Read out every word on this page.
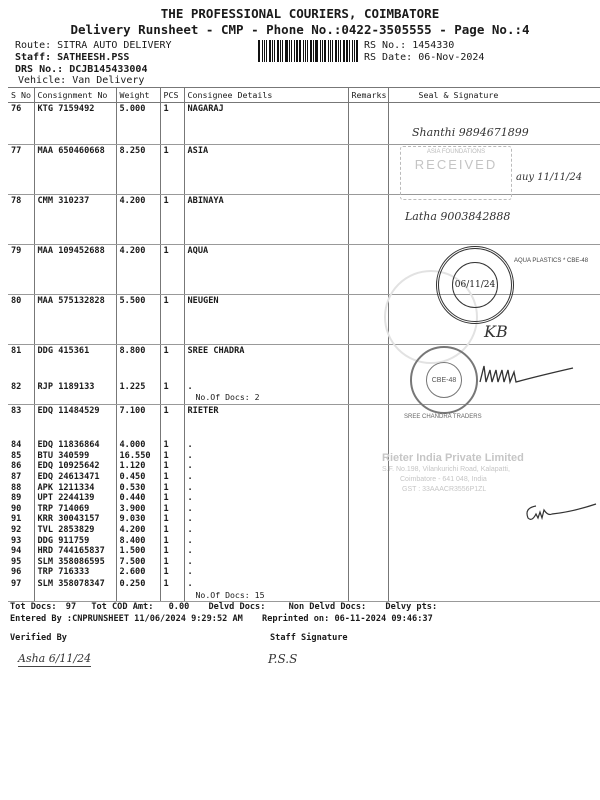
THE PROFESSIONAL COURIERS, COIMBATORE
Delivery Runsheet - CMP - Phone No.:0422-3505555 - Page No.:4
Route: SITRA AUTO DELIVERY
Staff: SATHEESH.PSS
DRS No.: DCJB145433004
Vehicle: Van Delivery
RS No.: 1454330
RS Date: 06-Nov-2024
S No	Consignment No	Weight	PCS	Consignee Details	Remarks	Seal & Signature
76	KTG 7159492	5.000	1	NAGARAJ		
77	MAA 650460668	8.250	1	ASIA		
78	CMM 310237	4.200	1	ABINAYA		
79	MAA 109452688	4.200	1	AQUA		
80	MAA 575132828	5.500	1	NEUGEN		
81	DDG 415361	8.800	1	SREE CHADRA		
82	RJP 1189133	1.225	1	.
No.Of Docs: 2		

83	EDQ 11484529	7.100	1	RIETER		
84	EDQ 11836864	4.000	1	.		
85	BTU 340599	16.550	1	.		
86	EDQ 10925642	1.120	1	.		
87	EDQ 24613471	0.450	1	.		
88	APK 1211334	0.530	1	.		
89	UPT 2244139	0.440	1	.		
90	TRP 714069	3.900	1	.		
91	KRR 30043157	9.030	1	.		
92	TVL 2853829	4.200	1	.		
93	DDG 911759	8.400	1	.		
94	HRD 744165837	1.500	1	.		
95	SLM 358086595	7.500	1	.		
96	TRP 716333	2.600	1	.		
97	SLM 358078347	0.250	1	.
No.Of Docs: 15		

Shanthi 9894671899
ASIA FOUNDATIONS
RECEIVED
auy 11/11/24
Latha 9003842888
06/11/24
AQUA PLASTICS * CBE-48
KB
CBE-48
SREE CHANDRA TRADERS
Rieter India Private Limited
S.F. No.198, Vilankurichi Road, Kalapatti,
Coimbatore - 641 048, India
GST : 33AAACR3556P1ZL
Tot Docs: 97 Tot COD Amt: 0.00 Delvd Docs:	Non Delvd Docs: Delvy pts:
Entered By :CNPRUNSHEET 11/06/2024 9:29:52 AM Reprinted on: 06-11-2024 09:46:37
Verified By	Staff Signature
Asha 6/11/24	P.S.S
